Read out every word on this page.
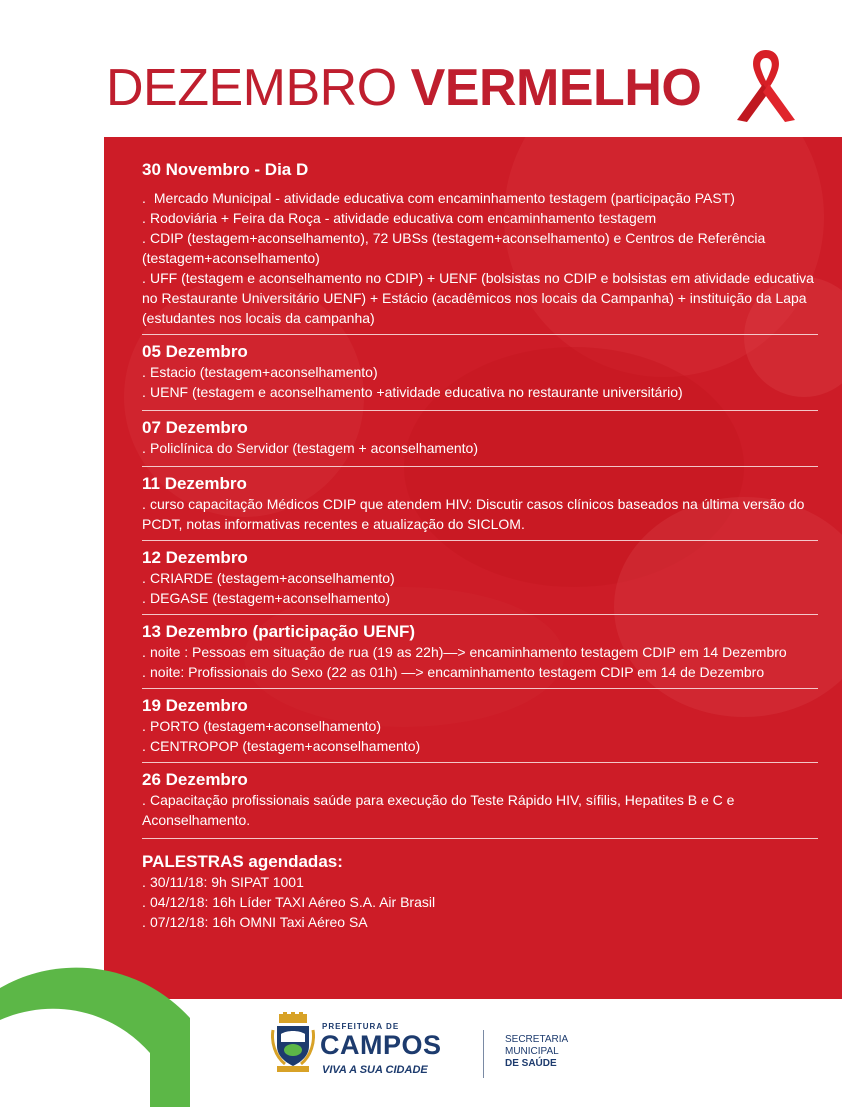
DEZEMBRO VERMELHO

30 Novembro - Dia D

. Mercado Municipal - atividade educativa com encaminhamento testagem (participação PAST)

. Rodoviária + Feira da Roça - atividade educativa com encaminhamento testagem

. CDIP (testagem+aconselhamento), 72 UBSs (testagem+aconselhamento) e Centros de Referência (testagem+aconselhamento)

. UFF (testagem e aconselhamento no CDIP) + UENF (bolsistas no CDIP e bolsistas em atividade educativa no Restaurante Universitário UENF) + Estácio (acadêmicos nos locais da Campanha) + instituição da Lapa (estudantes nos locais da campanha)

05 Dezembro

. Estacio (testagem+aconselhamento)

. UENF (testagem e aconselhamento +atividade educativa no restaurante universitário)

07 Dezembro

. Policlínica do Servidor (testagem + aconselhamento)

11 Dezembro

. curso capacitação Médicos CDIP que atendem HIV: Discutir casos clínicos baseados na última versão do PCDT, notas informativas recentes e atualização do SICLOM.

12 Dezembro

. CRIARDE (testagem+aconselhamento)

. DEGASE (testagem+aconselhamento)

13 Dezembro (participação UENF)

. noite : Pessoas em situação de rua (19 as 22h)—> encaminhamento testagem CDIP em 14 Dezembro

. noite: Profissionais do Sexo (22 as 01h) —> encaminhamento testagem CDIP em 14 de Dezembro

19 Dezembro

. PORTO (testagem+aconselhamento)

. CENTROPOP (testagem+aconselhamento)

26 Dezembro

. Capacitação profissionais saúde para execução do Teste Rápido HIV, sífilis, Hepatites B e C e Aconselhamento.

PALESTRAS agendadas:

. 30/11/18: 9h SIPAT 1001

. 04/12/18: 16h Líder TAXI Aéreo S.A. Air Brasil

. 07/12/18: 16h OMNI Taxi Aéreo SA

PREFEITURA DE

CAMPOS

VIVA A SUA CIDADE

SECRETARIA
MUNICIPAL
DE SAÚDE
